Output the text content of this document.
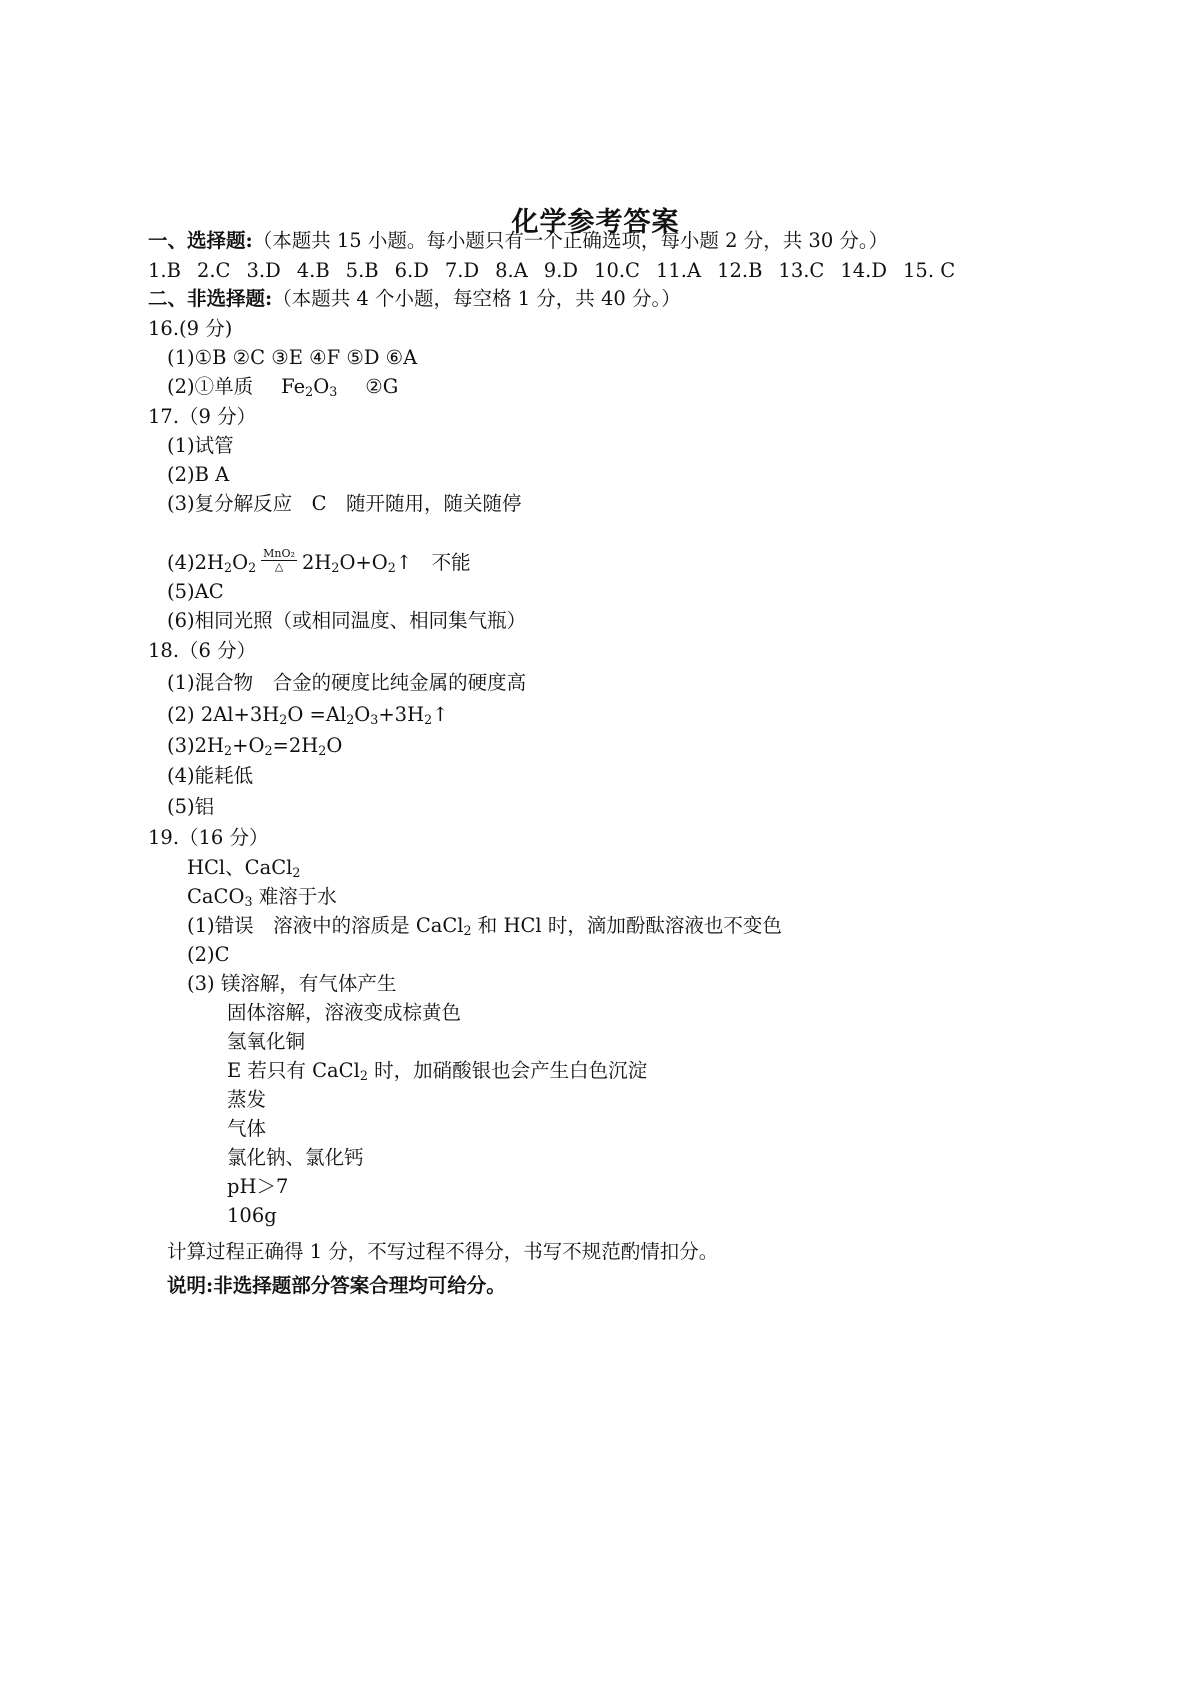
化学参考答案
一、选择题:（本题共 15 小题。每小题只有一个正确选项，每小题 2 分，共 30 分。）
1.B 2.C 3.D 4.B 5.B 6.D 7.D 8.A 9.D 10.C 11.A 12.B 13.C 14.D 15. C
二、非选择题:（本题共 4 个小题，每空格 1 分，共 40 分。）
16.(9 分)
(1)①B ②C ③E ④F ⑤D ⑥A
(2)①单质 $Fe_2O_3$ ②G
17.（9 分）
(1)试管
(2)B A
(3)复分解反应　C　随开随用，随关随停
$(4)2H_2O_2 \frac{\text{MnO₂}}{\triangle}$ $2H_2O+O_2↑$　不能
(5)AC
(6)相同光照（或相同温度、相同集气瓶）
18.（6 分）
(1)混合物　合金的硬度比纯金属的硬度高
(2) $2Al+3H_2O$ $=Al_2O_3+3H_2↑$
$(3)2H_2+O_2=2H_2O$
(4)能耗低
(5)铝
19.（16 分）
HCl、CaCl$_2$
CaCO$_3$ 难溶于水
(1)错误　溶液中的溶质是 CaCl$_2$ 和 HCl 时，滴加酚酞溶液也不变色
(2)C
(3) 镁溶解，有气体产生
固体溶解，溶液变成棕黄色
氢氧化铜
E 若只有 CaCl$_2$ 时，加硝酸银也会产生白色沉淀
蒸发
气体
氯化钠、氯化钙
pH＞7
106g
计算过程正确得 1 分，不写过程不得分，书写不规范酌情扣分。
说明:非选择题部分答案合理均可给分。
